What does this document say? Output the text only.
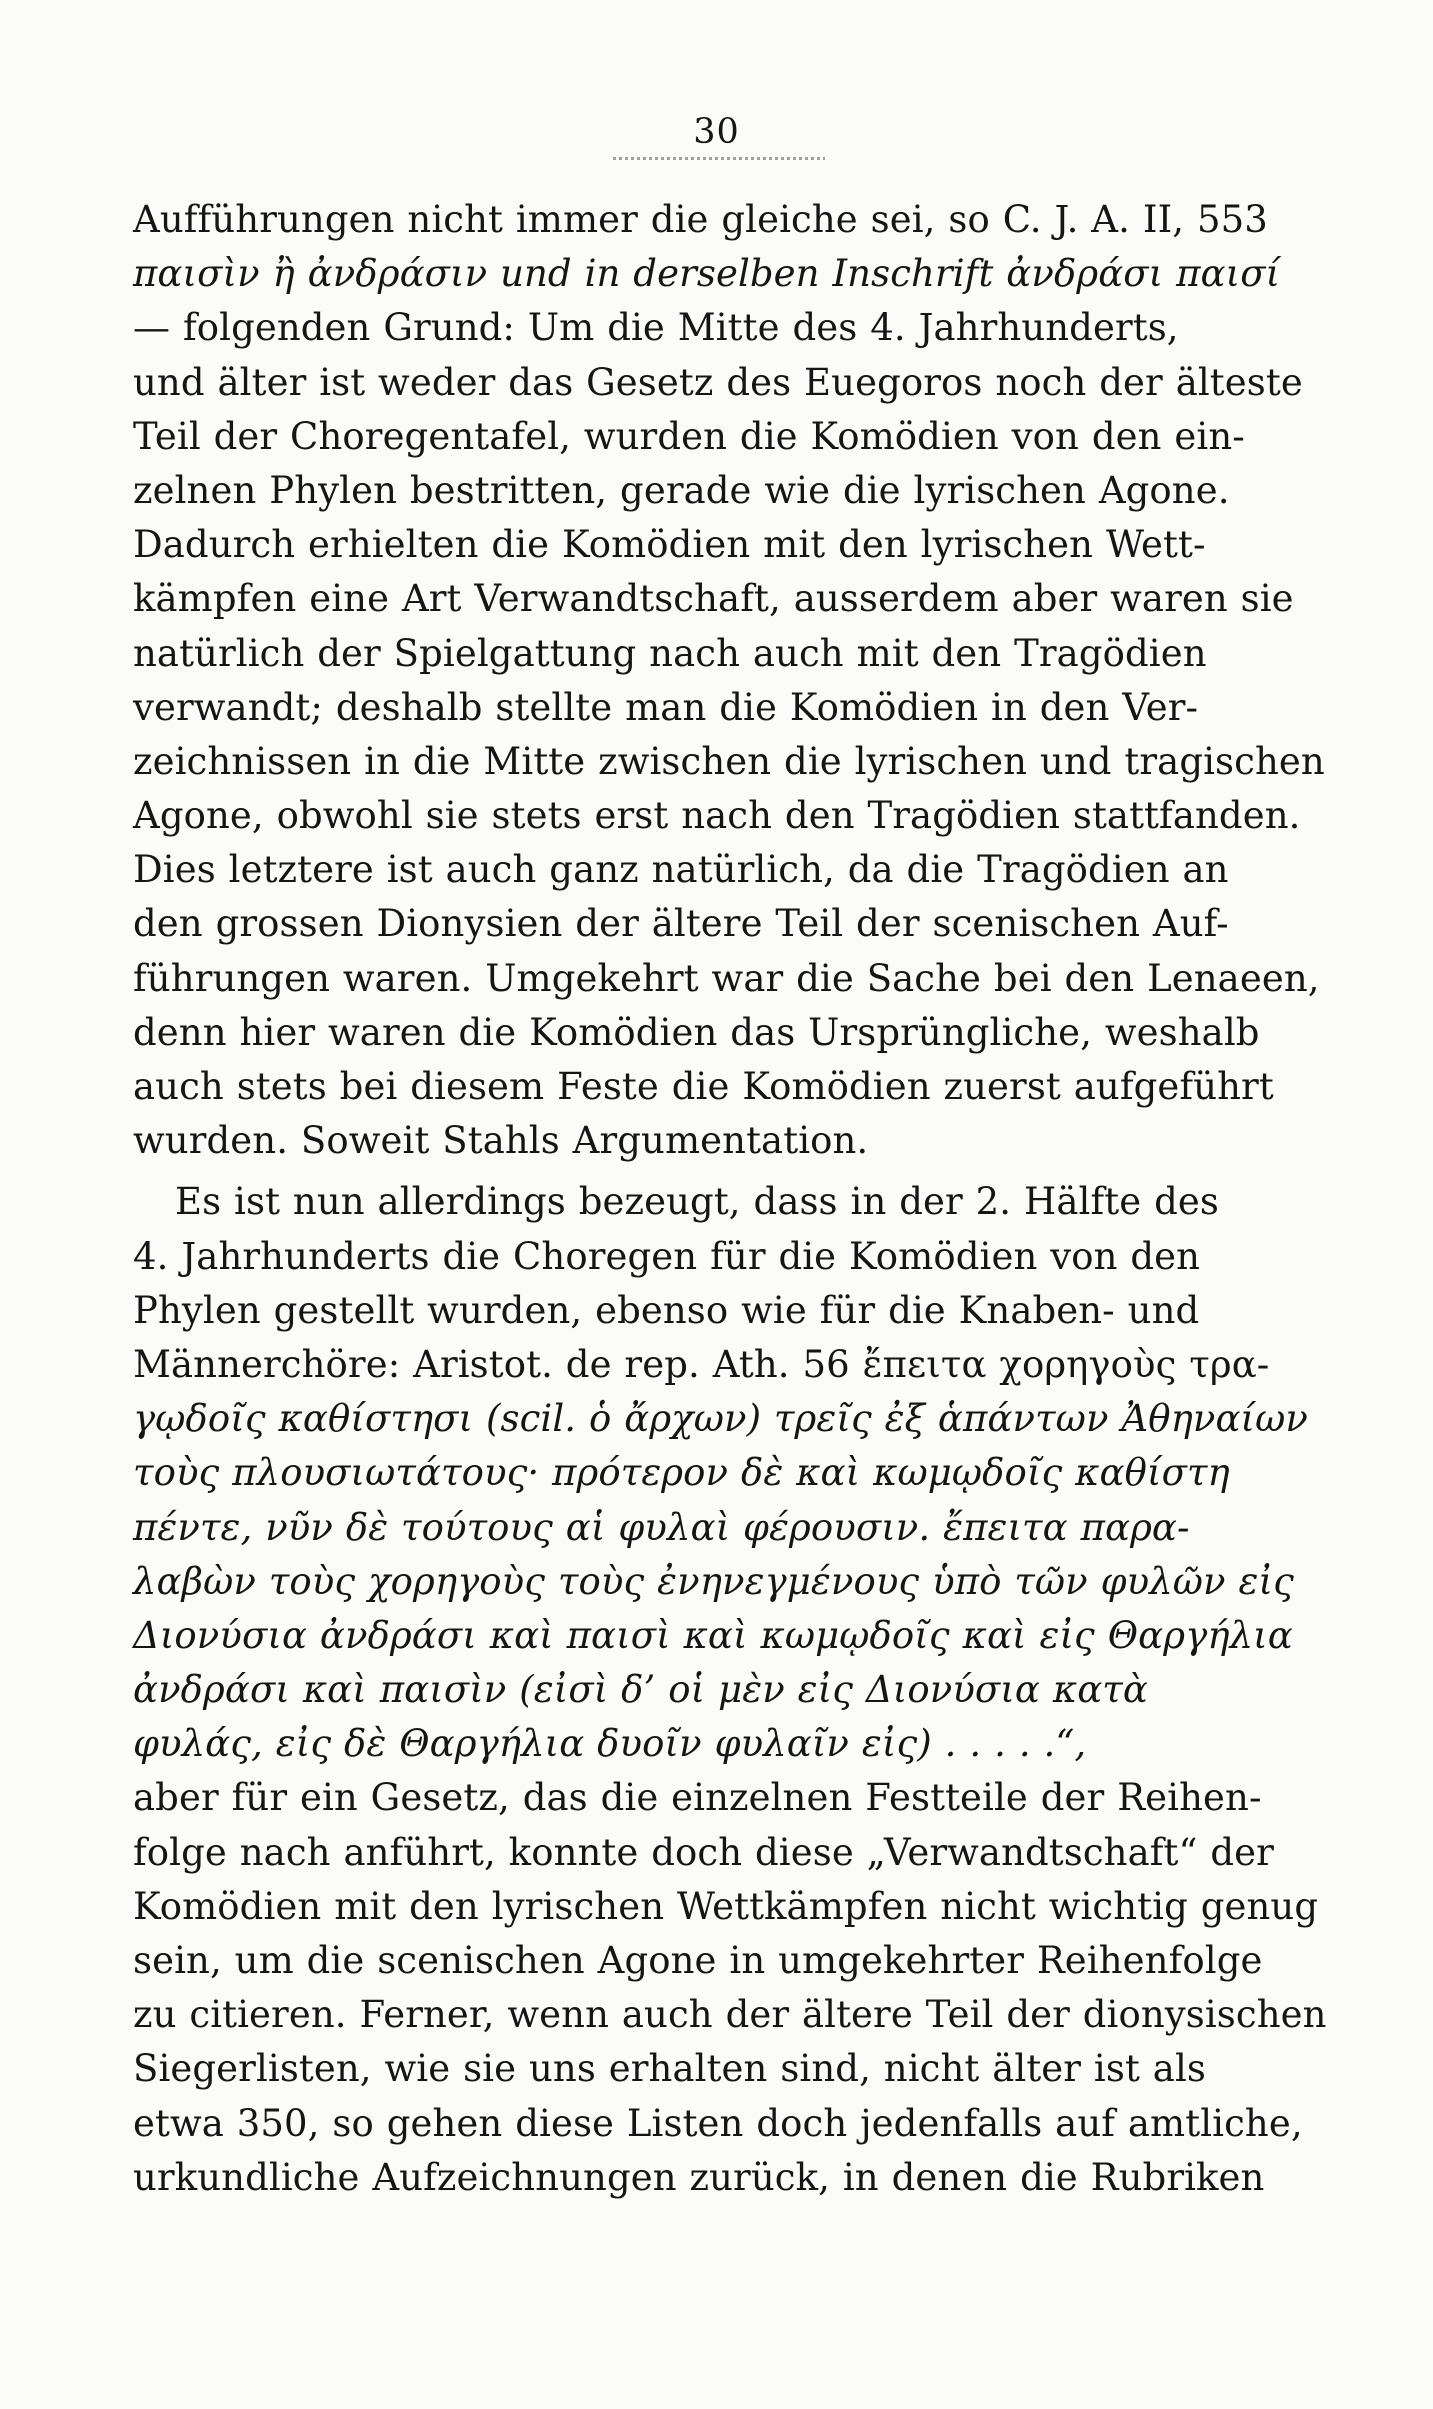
30
Aufführungen nicht immer die gleiche sei, so C. J. A. II, 553
παισὶν ἢ ἀνδράσιν und in derselben Inschrift ἀνδράσι παισί
— folgenden Grund: Um die Mitte des 4. Jahrhunderts,
und älter ist weder das Gesetz des Euegoros noch der älteste
Teil der Choregentafel, wurden die Komödien von den ein-
zelnen Phylen bestritten, gerade wie die lyrischen Agone.
Dadurch erhielten die Komödien mit den lyrischen Wett-
kämpfen eine Art Verwandtschaft, ausserdem aber waren sie
natürlich der Spielgattung nach auch mit den Tragödien
verwandt; deshalb stellte man die Komödien in den Ver-
zeichnissen in die Mitte zwischen die lyrischen und tragischen
Agone, obwohl sie stets erst nach den Tragödien stattfanden.
Dies letztere ist auch ganz natürlich, da die Tragödien an
den grossen Dionysien der ältere Teil der scenischen Auf-
führungen waren. Umgekehrt war die Sache bei den Lenaeen,
denn hier waren die Komödien das Ursprüngliche, weshalb
auch stets bei diesem Feste die Komödien zuerst aufgeführt
wurden. Soweit Stahls Argumentation.
Es ist nun allerdings bezeugt, dass in der 2. Hälfte des
4. Jahrhunderts die Choregen für die Komödien von den
Phylen gestellt wurden, ebenso wie für die Knaben- und
Männerchöre: Aristot. de rep. Ath. 56 ἔπειτα χορηγοὺς τρα-
γῳδοῖς καθίστησι (scil. ὁ ἄρχων) τρεῖς ἐξ ἁπάντων Ἀθηναίων
τοὺς πλουσιωτάτους· πρότερον δὲ καὶ κωμῳδοῖς καθίστη
πέντε, νῦν δὲ τούτους αἱ φυλαὶ φέρουσιν. ἔπειτα παρα-
λαβὼν τοὺς χορηγοὺς τοὺς ἐνηνεγμένους ὑπὸ τῶν φυλῶν εἰς
Διονύσια ἀνδράσι καὶ παισὶ καὶ κωμῳδοῖς καὶ εἰς Θαργήλια
ἀνδράσι καὶ παισὶν (εἰσὶ δ’ οἱ μὲν εἰς Διονύσια κατὰ
φυλάς, εἰς δὲ Θαργήλια δυοῖν φυλαῖν εἰς) . . . . .“,
aber für ein Gesetz, das die einzelnen Festteile der Reihen-
folge nach anführt, konnte doch diese „Verwandtschaft“ der
Komödien mit den lyrischen Wettkämpfen nicht wichtig genug
sein, um die scenischen Agone in umgekehrter Reihenfolge
zu citieren. Ferner, wenn auch der ältere Teil der dionysischen
Siegerlisten, wie sie uns erhalten sind, nicht älter ist als
etwa 350, so gehen diese Listen doch jedenfalls auf amtliche,
urkundliche Aufzeichnungen zurück, in denen die Rubriken
